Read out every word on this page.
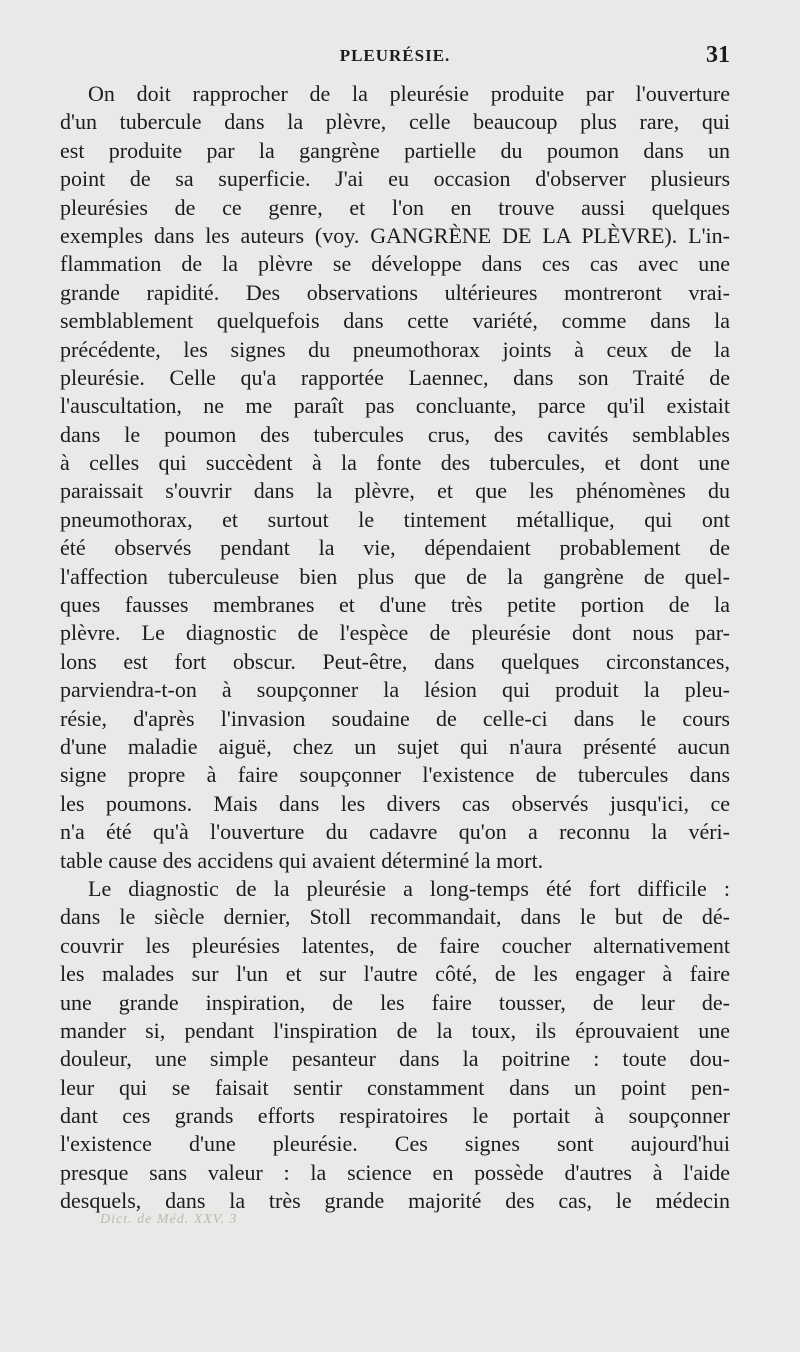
PLEURÉSIE.	31
On doit rapprocher de la pleurésie produite par l'ouverture
d'un tubercule dans la plèvre, celle beaucoup plus rare, qui
est produite par la gangrène partielle du poumon dans un
point de sa superficie. J'ai eu occasion d'observer plusieurs
pleurésies de ce genre, et l'on en trouve aussi quelques
exemples dans les auteurs (voy. GANGRÈNE DE LA PLÈVRE). L'in-
flammation de la plèvre se développe dans ces cas avec une
grande rapidité. Des observations ultérieures montreront vrai-
semblablement quelquefois dans cette variété, comme dans la
précédente, les signes du pneumothorax joints à ceux de la
pleurésie. Celle qu'a rapportée Laennec, dans son Traité de
l'auscultation, ne me paraît pas concluante, parce qu'il existait
dans le poumon des tubercules crus, des cavités semblables
à celles qui succèdent à la fonte des tubercules, et dont une
paraissait s'ouvrir dans la plèvre, et que les phénomènes du
pneumothorax, et surtout le tintement métallique, qui ont
été observés pendant la vie, dépendaient probablement de
l'affection tuberculeuse bien plus que de la gangrène de quel-
ques fausses membranes et d'une très petite portion de la
plèvre. Le diagnostic de l'espèce de pleurésie dont nous par-
lons est fort obscur. Peut-être, dans quelques circonstances,
parviendra-t-on à soupçonner la lésion qui produit la pleu-
résie, d'après l'invasion soudaine de celle-ci dans le cours
d'une maladie aiguë, chez un sujet qui n'aura présenté aucun
signe propre à faire soupçonner l'existence de tubercules dans
les poumons. Mais dans les divers cas observés jusqu'ici, ce
n'a été qu'à l'ouverture du cadavre qu'on a reconnu la véri-
table cause des accidens qui avaient déterminé la mort.
Le diagnostic de la pleurésie a long-temps été fort difficile :
dans le siècle dernier, Stoll recommandait, dans le but de dé-
couvrir les pleurésies latentes, de faire coucher alternativement
les malades sur l'un et sur l'autre côté, de les engager à faire
une grande inspiration, de les faire tousser, de leur de-
mander si, pendant l'inspiration de la toux, ils éprouvaient une
douleur, une simple pesanteur dans la poitrine : toute dou-
leur qui se faisait sentir constamment dans un point pen-
dant ces grands efforts respiratoires le portait à soupçonner
l'existence d'une pleurésie. Ces signes sont aujourd'hui
presque sans valeur : la science en possède d'autres à l'aide
desquels, dans la très grande majorité des cas, le médecin
Dict. de Méd. XXV. 3
